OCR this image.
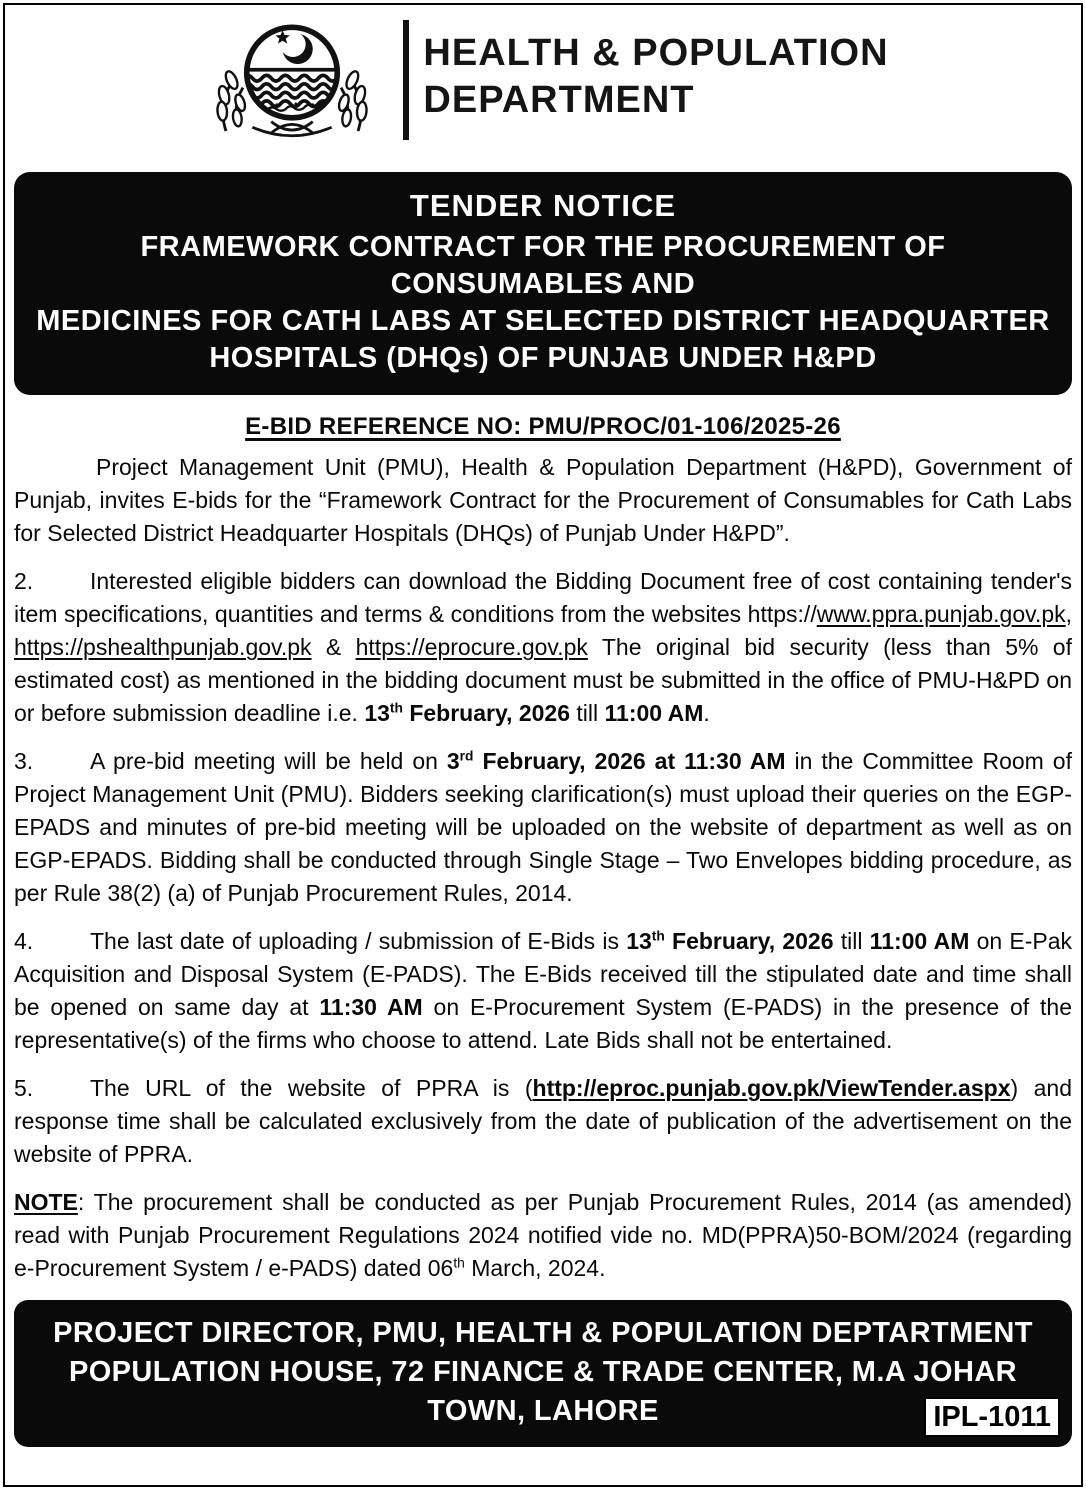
HEALTH & POPULATION
DEPARTMENT
TENDER NOTICE
FRAMEWORK CONTRACT FOR THE PROCUREMENT OF CONSUMABLES AND
MEDICINES FOR CATH LABS AT SELECTED DISTRICT HEADQUARTER
HOSPITALS (DHQs) OF PUNJAB UNDER H&PD
E-BID REFERENCE NO: PMU/PROC/01-106/2025-26

Project Management Unit (PMU), Health & Population Department (H&PD), Government of Punjab, invites E-bids for the “Framework Contract for the Procurement of Consumables for Cath Labs for Selected District Headquarter Hospitals (DHQs) of Punjab Under H&PD”.

2. Interested eligible bidders can download the Bidding Document free of cost containing tender's item specifications, quantities and terms & conditions from the websites https://www.ppra.punjab.gov.pk, https://pshealthpunjab.gov.pk & https://eprocure.gov.pk The original bid security (less than 5% of estimated cost) as mentioned in the bidding document must be submitted in the office of PMU-H&PD on or before submission deadline i.e. 13th February, 2026 till 11:00 AM.

3. A pre-bid meeting will be held on 3rd February, 2026 at 11:30 AM in the Committee Room of Project Management Unit (PMU). Bidders seeking clarification(s) must upload their queries on the EGP-EPADS and minutes of pre-bid meeting will be uploaded on the website of department as well as on EGP-EPADS. Bidding shall be conducted through Single Stage – Two Envelopes bidding procedure, as per Rule 38(2) (a) of Punjab Procurement Rules, 2014.

4. The last date of uploading / submission of E-Bids is 13th February, 2026 till 11:00 AM on E-Pak Acquisition and Disposal System (E-PADS). The E-Bids received till the stipulated date and time shall be opened on same day at 11:30 AM on E-Procurement System (E-PADS) in the presence of the representative(s) of the firms who choose to attend. Late Bids shall not be entertained.

5. The URL of the website of PPRA is (http://eproc.punjab.gov.pk/ViewTender.aspx) and response time shall be calculated exclusively from the date of publication of the advertisement on the website of PPRA.

NOTE: The procurement shall be conducted as per Punjab Procurement Rules, 2014 (as amended) read with Punjab Procurement Regulations 2024 notified vide no. MD(PPRA)50-BOM/2024 (regarding e-Procurement System / e-PADS) dated 06th March, 2024.

PROJECT DIRECTOR, PMU, HEALTH & POPULATION DEPTARTMENT
POPULATION HOUSE, 72 FINANCE & TRADE CENTER, M.A JOHAR
TOWN, LAHORE	IPL-1011
